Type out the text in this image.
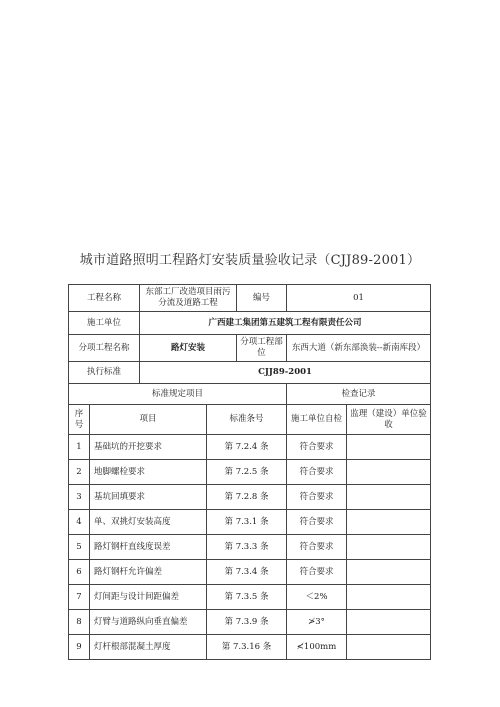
城市道路照明工程路灯安装质量验收记录（CJJ89-2001）
工程名称		东部工厂改造项目雨污分流及道路工程		编号	01	
施工单位		广西建工集团第五建筑工程有限责任公司				
分项工程名称		路灯安装		分项工程部位	东西大道（新东部涣装--新南库段）	
执行标准		CJJ89-2001				
标准规定项目					检查记录	
序号	项目		标准条号		施工单位自检	监理（建设）单位验收
1	基础坑的开挖要求		第 7.2.4 条		符合要求	
2	地脚螺栓要求		第 7.2.5 条		符合要求	
3	基坑回填要求		第 7.2.8 条		符合要求	
4	单、双挑灯安装高度		第 7.3.1 条		符合要求	
5	路灯钢杆直线度误差		第 7.3.3 条		符合要求	
6	路灯钢杆允许偏差		第 7.3.4 条		符合要求	
7	灯间距与设计间距偏差		第 7.3.5 条		＜2%	
8	灯臂与道路纵向垂直偏差		第 7.3.9 条		≯3°	
9	灯杆根部混凝土厚度		第 7.3.16 条		≮100mm	
